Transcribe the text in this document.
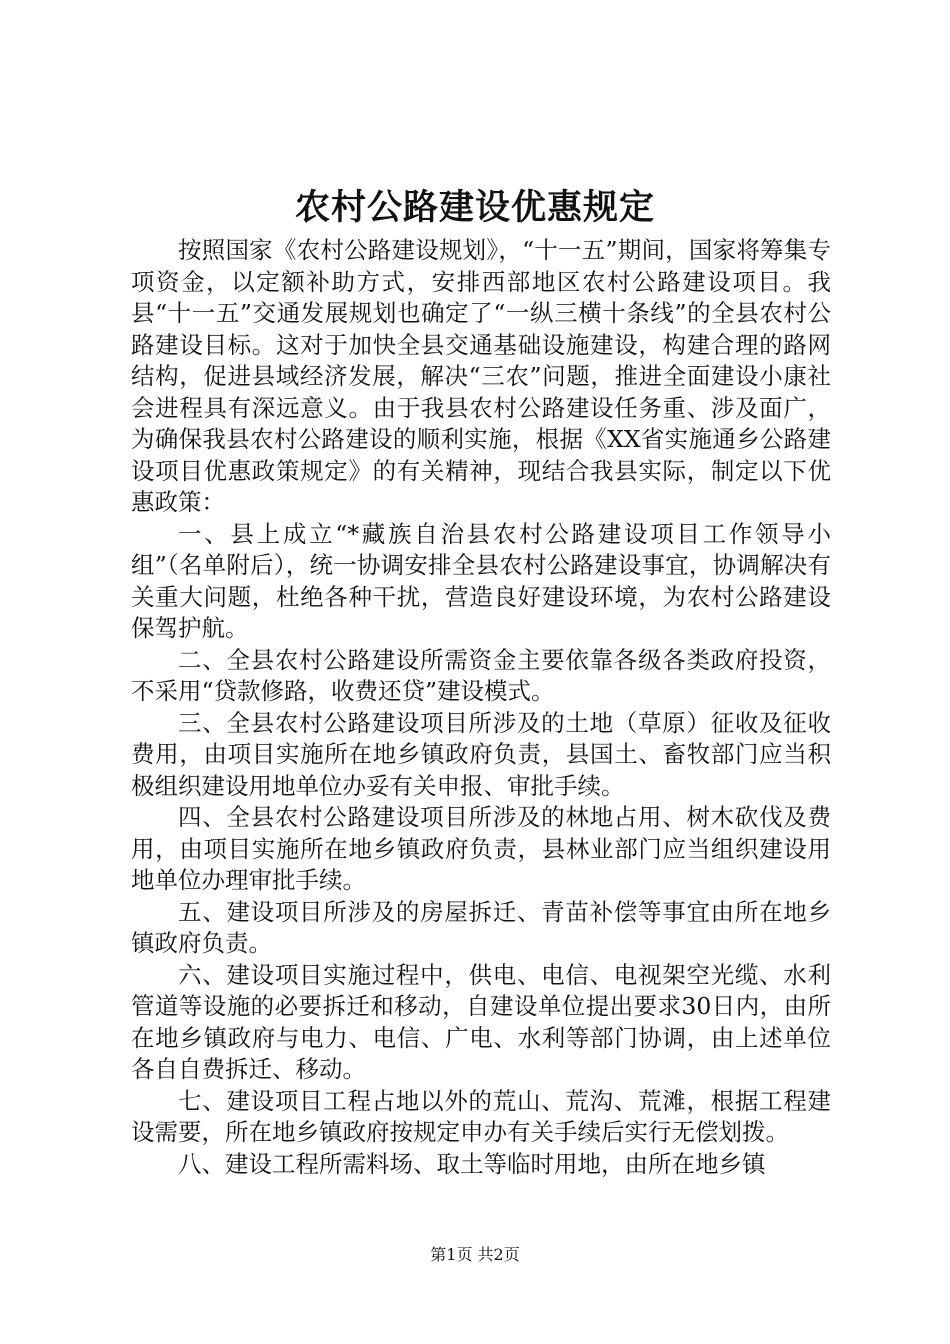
农村公路建设优惠规定

按照国家《农村公路建设规划》，“十一五”期间，国家将筹集专项资金，以定额补助方式，安排西部地区农村公路建设项目。我县“十一五”交通发展规划也确定了“一纵三横十条线”的全县农村公路建设目标。这对于加快全县交通基础设施建设，构建合理的路网结构，促进县域经济发展，解决“三农”问题，推进全面建设小康社会进程具有深远意义。由于我县农村公路建设任务重、涉及面广，为确保我县农村公路建设的顺利实施，根据《XX省实施通乡公路建设项目优惠政策规定》的有关精神，现结合我县实际，制定以下优惠政策：

一、县上成立“*藏族自治县农村公路建设项目工作领导小组”（名单附后），统一协调安排全县农村公路建设事宜，协调解决有关重大问题，杜绝各种干扰，营造良好建设环境，为农村公路建设保驾护航。

二、全县农村公路建设所需资金主要依靠各级各类政府投资，不采用“贷款修路，收费还贷”建设模式。

三、全县农村公路建设项目所涉及的土地（草原）征收及征收费用，由项目实施所在地乡镇政府负责，县国土、畜牧部门应当积极组织建设用地单位办妥有关申报、审批手续。

四、全县农村公路建设项目所涉及的林地占用、树木砍伐及费用，由项目实施所在地乡镇政府负责，县林业部门应当组织建设用地单位办理审批手续。

五、建设项目所涉及的房屋拆迁、青苗补偿等事宜由所在地乡镇政府负责。

六、建设项目实施过程中，供电、电信、电视架空光缆、水利管道等设施的必要拆迁和移动，自建设单位提出要求30日内，由所在地乡镇政府与电力、电信、广电、水利等部门协调，由上述单位各自自费拆迁、移动。

七、建设项目工程占地以外的荒山、荒沟、荒滩，根据工程建设需要，所在地乡镇政府按规定申办有关手续后实行无偿划拨。

八、建设工程所需料场、取土等临时用地，由所在地乡镇

第1页 共2页
